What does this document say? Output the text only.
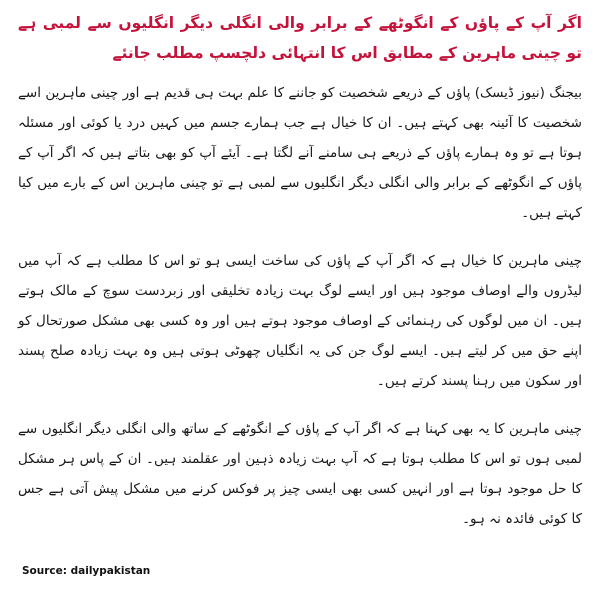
اگر آپ کے پاؤں کے انگوٹھے کے برابر والی انگلی دیگر انگلیوں سے لمبی ہے تو چینی ماہرین کے مطابق اس کا انتہائی دلچسپ مطلب جانئے

بیجنگ (نیوز ڈیسک) پاؤں کے ذریعے شخصیت کو جاننے کا علم بہت ہی قدیم ہے اور چینی ماہرین اسے شخصیت کا آئینہ بھی کہتے ہیں۔ ان کا خیال ہے جب ہمارے جسم میں کہیں درد یا کوئی اور مسئلہ ہوتا ہے تو وہ ہمارے پاؤں کے ذریعے ہی سامنے آنے لگتا ہے۔ آیئے آپ کو بھی بتاتے ہیں کہ اگر آپ کے پاؤں کے انگوٹھے کے برابر والی انگلی دیگر انگلیوں سے لمبی ہے تو چینی ماہرین اس کے بارے میں کیا کہتے ہیں۔

چینی ماہرین کا خیال ہے کہ اگر آپ کے پاؤں کی ساخت ایسی ہو تو اس کا مطلب ہے کہ آپ میں لیڈروں والے اوصاف موجود ہیں اور ایسے لوگ بہت زیادہ تخلیقی اور زبردست سوچ کے مالک ہوتے ہیں۔ ان میں لوگوں کی رہنمائی کے اوصاف موجود ہوتے ہیں اور وہ کسی بھی مشکل صورتحال کو اپنے حق میں کر لیتے ہیں۔ ایسے لوگ جن کی یہ انگلیاں چھوٹی ہوتی ہیں وہ بہت زیادہ صلح پسند اور سکون میں رہنا پسند کرتے ہیں۔

چینی ماہرین کا یہ بھی کہنا ہے کہ اگر آپ کے پاؤں کے انگوٹھے کے ساتھ والی انگلی دیگر انگلیوں سے لمبی ہوں تو اس کا مطلب ہوتا ہے کہ آپ بہت زیادہ ذہین اور عقلمند ہیں۔ ان کے پاس ہر مشکل کا حل موجود ہوتا ہے اور انہیں کسی بھی ایسی چیز پر فوکس کرنے میں مشکل پیش آتی ہے جس کا کوئی فائدہ نہ ہو۔

Source: dailypakistan
